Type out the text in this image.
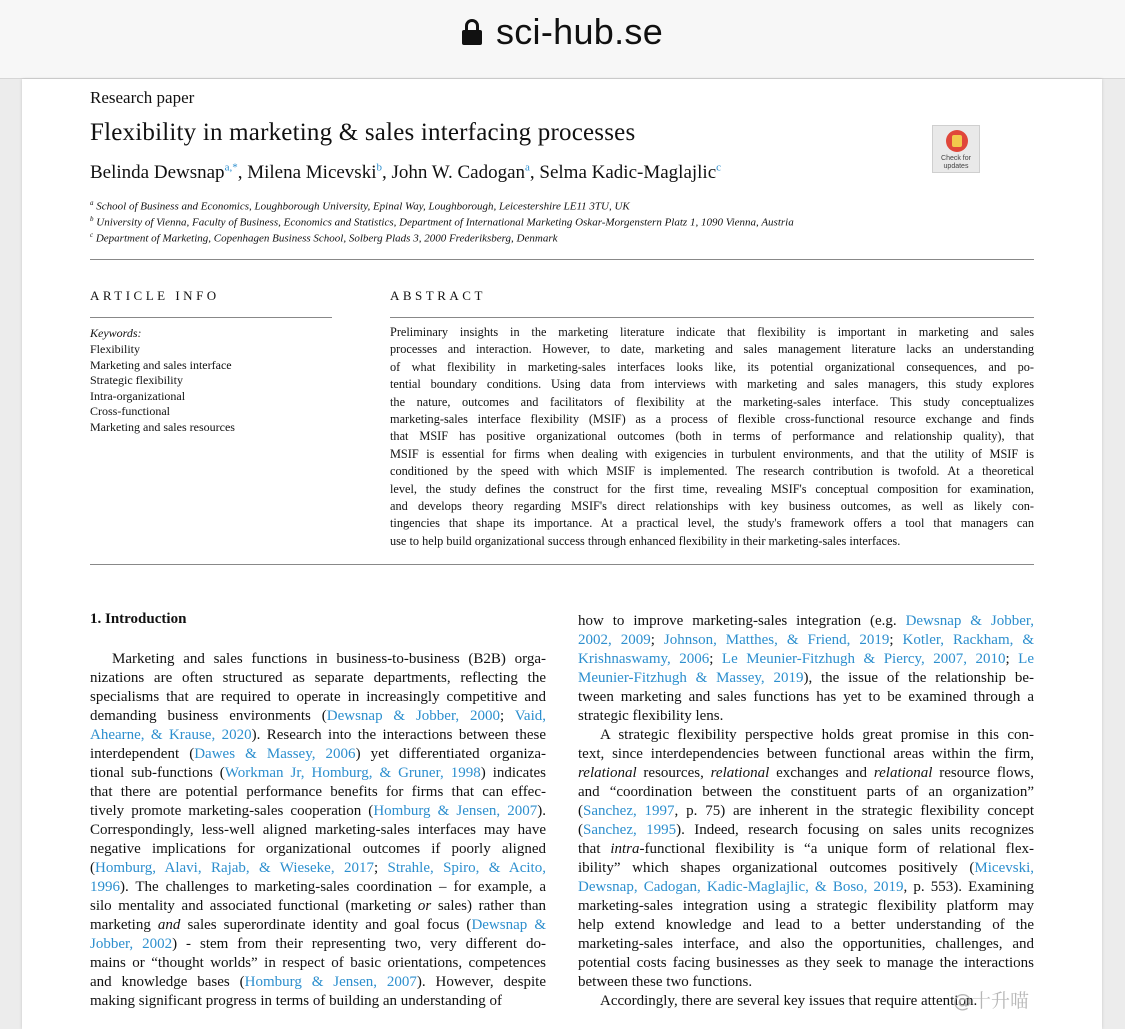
sci-hub.se
Research paper
Flexibility in marketing & sales interfacing processes
Belinda Dewsnap$^{a,*}$, Milena Micevski$^b$, John W. Cadogan$^a$, Selma Kadic-Maglajlic$^c$
$^a$ School of Business and Economics, Loughborough University, Epinal Way, Loughborough, Leicestershire LE11 3TU, UK
$^b$ University of Vienna, Faculty of Business, Economics and Statistics, Department of International Marketing Oskar-Morgenstern Platz 1, 1090 Vienna, Austria
$^c$ Department of Marketing, Copenhagen Business School, Solberg Plads 3, 2000 Frederiksberg, Denmark
Check for updates
ARTICLE INFO	ABSTRACT
Keywords:
Flexibility
Marketing and sales interface
Strategic flexibility
Intra-organizational
Cross-functional
Marketing and sales resources
Preliminary insights in the marketing literature indicate that flexibility is important in marketing and sales
processes and interaction. However, to date, marketing and sales management literature lacks an understanding
of what flexibility in marketing-sales interfaces looks like, its potential organizational consequences, and po-
tential boundary conditions. Using data from interviews with marketing and sales managers, this study explores
the nature, outcomes and facilitators of flexibility at the marketing-sales interface. This study conceptualizes
marketing-sales interface flexibility (MSIF) as a process of flexible cross-functional resource exchange and finds
that MSIF has positive organizational outcomes (both in terms of performance and relationship quality), that
MSIF is essential for firms when dealing with exigencies in turbulent environments, and that the utility of MSIF is
conditioned by the speed with which MSIF is implemented. The research contribution is twofold. At a theoretical
level, the study defines the construct for the first time, revealing MSIF's conceptual composition for examination,
and develops theory regarding MSIF's direct relationships with key business outcomes, as well as likely con-
tingencies that shape its importance. At a practical level, the study's framework offers a tool that managers can
use to help build organizational success through enhanced flexibility in their marketing-sales interfaces.
1. Introduction
Marketing and sales functions in business-to-business (B2B) orga-
nizations are often structured as separate departments, reflecting the
specialisms that are required to operate in increasingly competitive and
demanding business environments (Dewsnap & Jobber, 2000; Vaid,
Ahearne, & Krause, 2020). Research into the interactions between these
interdependent (Dawes & Massey, 2006) yet differentiated organiza-
tional sub-functions (Workman Jr, Homburg, & Gruner, 1998) indicates
that there are potential performance benefits for firms that can effec-
tively promote marketing-sales cooperation (Homburg & Jensen, 2007).
Correspondingly, less-well aligned marketing-sales interfaces may have
negative implications for organizational outcomes if poorly aligned
(Homburg, Alavi, Rajab, & Wieseke, 2017; Strahle, Spiro, & Acito,
1996). The challenges to marketing-sales coordination – for example, a
silo mentality and associated functional (marketing or sales) rather than
marketing and sales superordinate identity and goal focus (Dewsnap &
Jobber, 2002) - stem from their representing two, very different do-
mains or “thought worlds” in respect of basic orientations, competences
and knowledge bases (Homburg & Jensen, 2007). However, despite
making significant progress in terms of building an understanding of
how to improve marketing-sales integration (e.g. Dewsnap & Jobber,
2002, 2009; Johnson, Matthes, & Friend, 2019; Kotler, Rackham, &
Krishnaswamy, 2006; Le Meunier-Fitzhugh & Piercy, 2007, 2010; Le
Meunier-Fitzhugh & Massey, 2019), the issue of the relationship be-
tween marketing and sales functions has yet to be examined through a
strategic flexibility lens.
A strategic flexibility perspective holds great promise in this con-
text, since interdependencies between functional areas within the firm,
relational resources, relational exchanges and relational resource flows,
and “coordination between the constituent parts of an organization”
(Sanchez, 1997, p. 75) are inherent in the strategic flexibility concept
(Sanchez, 1995). Indeed, research focusing on sales units recognizes
that intra-functional flexibility is “a unique form of relational flex-
ibility” which shapes organizational outcomes positively (Micevski,
Dewsnap, Cadogan, Kadic-Maglajlic, & Boso, 2019, p. 553). Examining
marketing-sales integration using a strategic flexibility platform may
help extend knowledge and lead to a better understanding of the
marketing-sales interface, and also the opportunities, challenges, and
potential costs facing businesses as they seek to manage the interactions
between these two functions.
Accordingly, there are several key issues that require attention.
@十升喵
